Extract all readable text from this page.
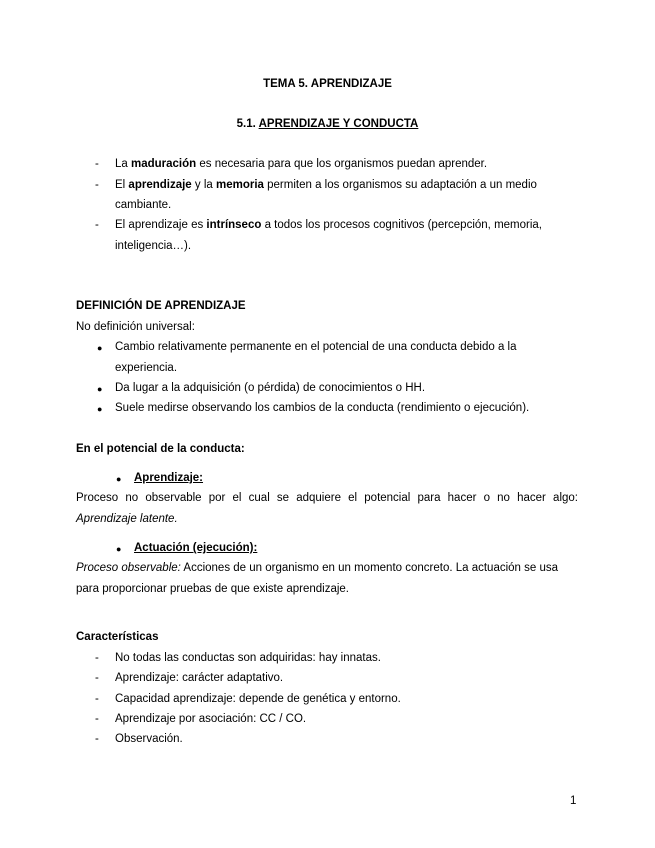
TEMA 5. APRENDIZAJE
5.1. APRENDIZAJE Y CONDUCTA
- La maduración es necesaria para que los organismos puedan aprender.
- El aprendizaje y la memoria permiten a los organismos su adaptación a un medio
cambiante.
- El aprendizaje es intrínseco a todos los procesos cognitivos (percepción, memoria,
inteligencia…).
DEFINICIÓN DE APRENDIZAJE
No definición universal:
● Cambio relativamente permanente en el potencial de una conducta debido a la
experiencia.
● Da lugar a la adquisición (o pérdida) de conocimientos o HH.
● Suele medirse observando los cambios de la conducta (rendimiento o ejecución).
En el potencial de la conducta:
● Aprendizaje:
Proceso no observable por el cual se adquiere el potencial para hacer o no hacer algo:
Aprendizaje latente.
● Actuación (ejecución):
Proceso observable: Acciones de un organismo en un momento concreto. La actuación se usa
para proporcionar pruebas de que existe aprendizaje.
Características
- No todas las conductas son adquiridas: hay innatas.
- Aprendizaje: carácter adaptativo.
- Capacidad aprendizaje: depende de genética y entorno.
- Aprendizaje por asociación: CC / CO.
- Observación.
1
